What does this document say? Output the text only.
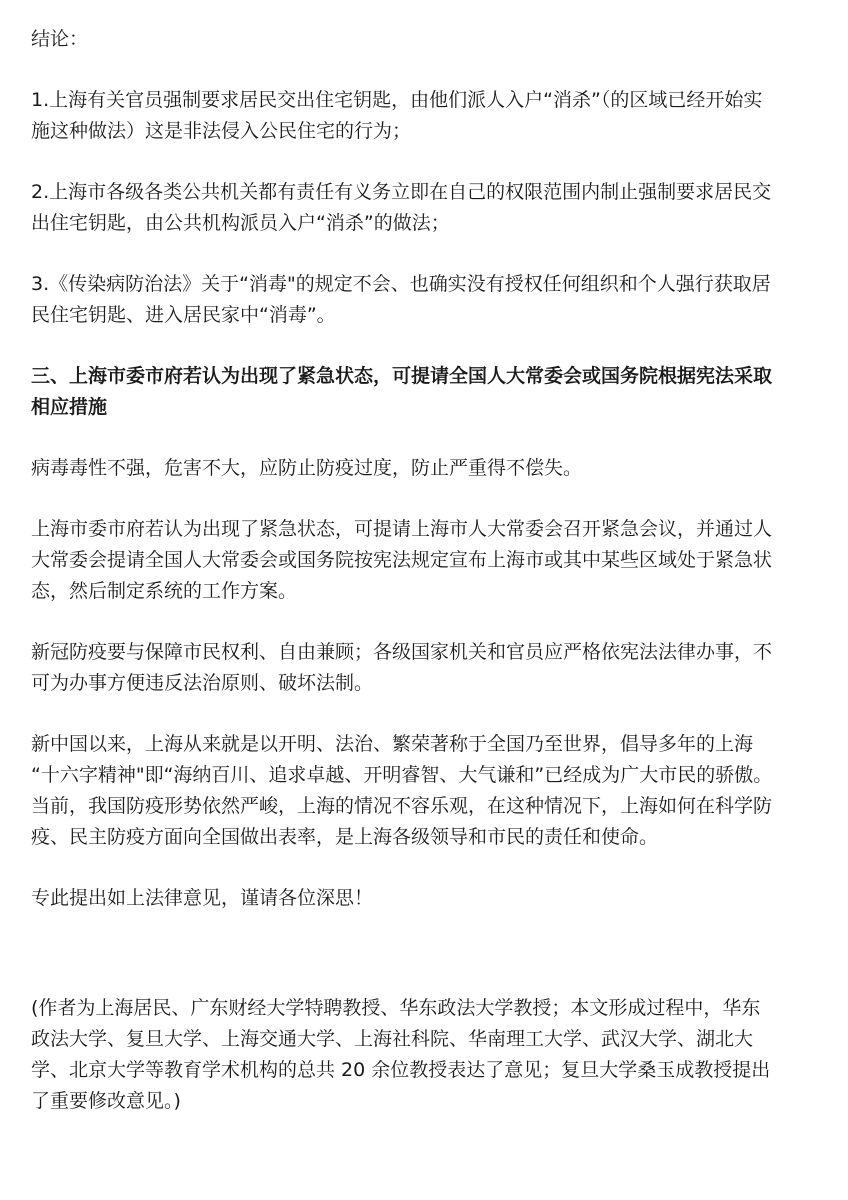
结论：

1.上海有关官员强制要求居民交出住宅钥匙，由他们派人入户“消杀”（的区域已经开始实
施这种做法）这是非法侵入公民住宅的行为；

2.上海市各级各类公共机关都有责任有义务立即在自己的权限范围内制止强制要求居民交
出住宅钥匙，由公共机构派员入户“消杀”的做法；

3.《传染病防治法》关于“消毒"的规定不会、也确实没有授权任何组织和个人强行获取居
民住宅钥匙、进入居民家中“消毒”。

三、上海市委市府若认为出现了紧急状态，可提请全国人大常委会或国务院根据宪法采取
相应措施

病毒毒性不强，危害不大，应防止防疫过度，防止严重得不偿失。

上海市委市府若认为出现了紧急状态，可提请上海市人大常委会召开紧急会议，并通过人
大常委会提请全国人大常委会或国务院按宪法规定宣布上海市或其中某些区域处于紧急状
态，然后制定系统的工作方案。

新冠防疫要与保障市民权利、自由兼顾；各级国家机关和官员应严格依宪法法律办事，不
可为办事方便违反法治原则、破坏法制。

新中国以来，上海从来就是以开明、法治、繁荣著称于全国乃至世界，倡导多年的上海
“十六字精神"即“海纳百川、追求卓越、开明睿智、大气谦和”已经成为广大市民的骄傲。
当前，我国防疫形势依然严峻，上海的情况不容乐观，在这种情况下，上海如何在科学防
疫、民主防疫方面向全国做出表率，是上海各级领导和市民的责任和使命。

专此提出如上法律意见，谨请各位深思！

(作者为上海居民、广东财经大学特聘教授、华东政法大学教授；本文形成过程中，华东
政法大学、复旦大学、上海交通大学、上海社科院、华南理工大学、武汉大学、湖北大
学、北京大学等教育学术机构的总共 20 余位教授表达了意见；复旦大学桑玉成教授提出
了重要修改意见。)
